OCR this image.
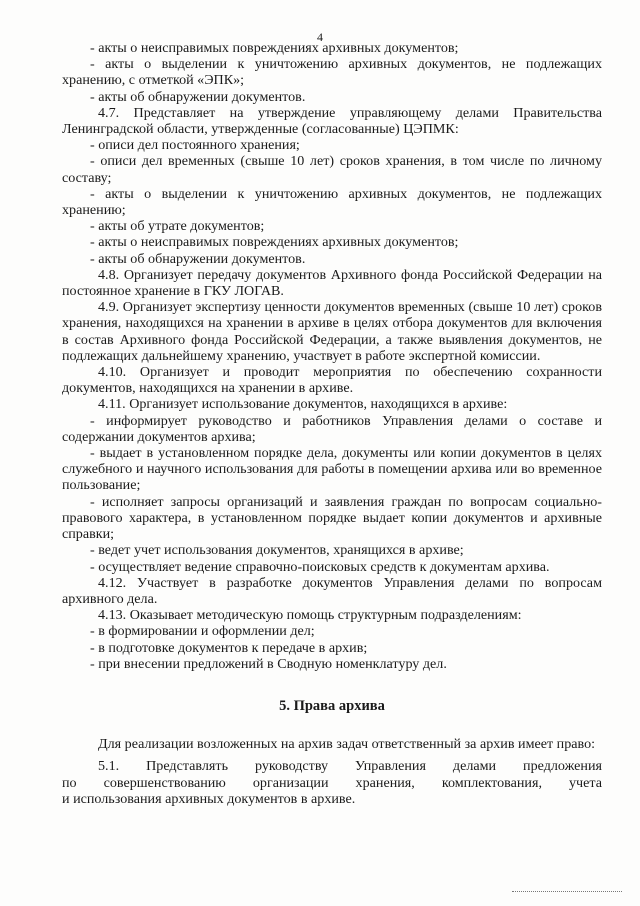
4

- акты о неисправимых повреждениях архивных документов;

- акты о выделении к уничтожению архивных документов, не подлежащих хранению, с отметкой «ЭПК»;

- акты об обнаружении документов.

4.7. Представляет на утверждение управляющему делами Правительства Ленинградской области, утвержденные (согласованные) ЦЭПМК:

- описи дел постоянного хранения;

- описи дел временных (свыше 10 лет) сроков хранения, в том числе по личному составу;

- акты о выделении к уничтожению архивных документов, не подлежащих хранению;

- акты об утрате документов;

- акты о неисправимых повреждениях архивных документов;

- акты об обнаружении документов.

4.8. Организует передачу документов Архивного фонда Российской Федерации на постоянное хранение в ГКУ ЛОГАВ.

4.9. Организует экспертизу ценности документов временных (свыше 10 лет) сроков хранения, находящихся на хранении в архиве в целях отбора документов для включения в состав Архивного фонда Российской Федерации, а также выявления документов, не подлежащих дальнейшему хранению, участвует в работе экспертной комиссии.

4.10. Организует и проводит мероприятия по обеспечению сохранности документов, находящихся на хранении в архиве.

4.11. Организует использование документов, находящихся в архиве:

- информирует руководство и работников Управления делами о составе и содержании документов архива;

- выдает в установленном порядке дела, документы или копии документов в целях служебного и научного использования для работы в помещении архива или во временное пользование;

- исполняет запросы организаций и заявления граждан по вопросам социально-правового характера, в установленном порядке выдает копии документов и архивные справки;

- ведет учет использования документов, хранящихся в архиве;

- осуществляет ведение справочно-поисковых средств к документам архива.

4.12. Участвует в разработке документов Управления делами по вопросам архивного дела.

4.13. Оказывает методическую помощь структурным подразделениям:

- в формировании и оформлении дел;

- в подготовке документов к передаче в архив;

- при внесении предложений в Сводную номенклатуру дел.

5. Права архива

Для реализации возложенных на архив задач ответственный за архив имеет право:

5.1. Представлять руководству Управления делами предложения

по совершенствованию организации хранения, комплектования, учета

и использования архивных документов в архиве.
